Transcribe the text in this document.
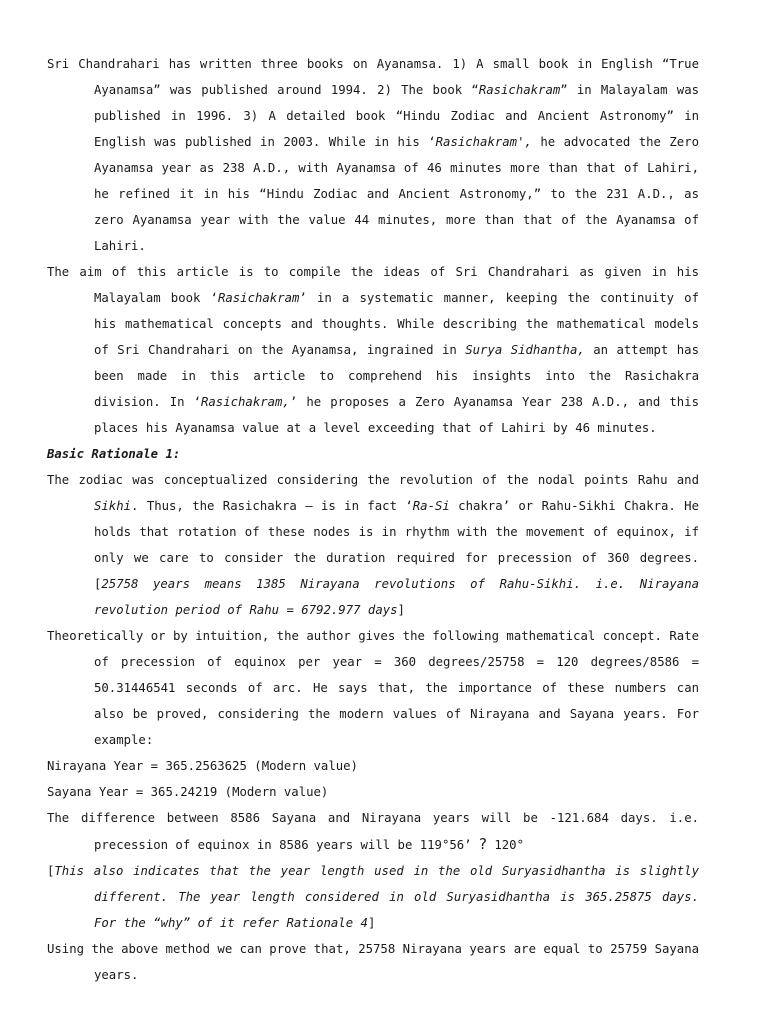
Sri Chandrahari has written three books on Ayanamsa. 1) A small book in English “True Ayanamsa” was published around 1994. 2) The book “Rasichakram” in Malayalam was published in 1996. 3) A detailed book “Hindu Zodiac and Ancient Astronomy” in English was published in 2003. While in his ‘Rasichakram', he advocated the Zero Ayanamsa year as 238 A.D., with Ayanamsa of 46 minutes more than that of Lahiri, he refined it in his “Hindu Zodiac and Ancient Astronomy,” to the 231 A.D., as zero Ayanamsa year with the value 44 minutes, more than that of the Ayanamsa of Lahiri.

The aim of this article is to compile the ideas of Sri Chandrahari as given in his Malayalam book ‘Rasichakram’ in a systematic manner, keeping the continuity of his mathematical concepts and thoughts. While describing the mathematical models of Sri Chandrahari on the Ayanamsa, ingrained in Surya Sidhantha, an attempt has been made in this article to comprehend his insights into the Rasichakra division. In ‘Rasichakram,’ he proposes a Zero Ayanamsa Year 238 A.D., and this places his Ayanamsa value at a level exceeding that of Lahiri by 46 minutes.

Basic Rationale 1:

The zodiac was conceptualized considering the revolution of the nodal points Rahu and Sikhi. Thus, the Rasichakra – is in fact ‘Ra-Si chakra’ or Rahu-Sikhi Chakra. He holds that rotation of these nodes is in rhythm with the movement of equinox, if only we care to consider the duration required for precession of 360 degrees. [25758 years means 1385 Nirayana revolutions of Rahu-Sikhi. i.e. Nirayana revolution period of Rahu = 6792.977 days]

Theoretically or by intuition, the author gives the following mathematical concept. Rate of precession of equinox per year = 360 degrees/25758 = 120 degrees/8586 = 50.31446541 seconds of arc. He says that, the importance of these numbers can also be proved, considering the modern values of Nirayana and Sayana years. For example:

Nirayana Year = 365.2563625 (Modern value)

Sayana Year = 365.24219 (Modern value)

The difference between 8586 Sayana and Nirayana years will be -121.684 days. i.e. precession of equinox in 8586 years will be 119°56’ ? 120°

[This also indicates that the year length used in the old Suryasidhantha is slightly different. The year length considered in old Suryasidhantha is 365.25875 days. For the “why” of it refer Rationale 4]

Using the above method we can prove that, 25758 Nirayana years are equal to 25759 Sayana years.
